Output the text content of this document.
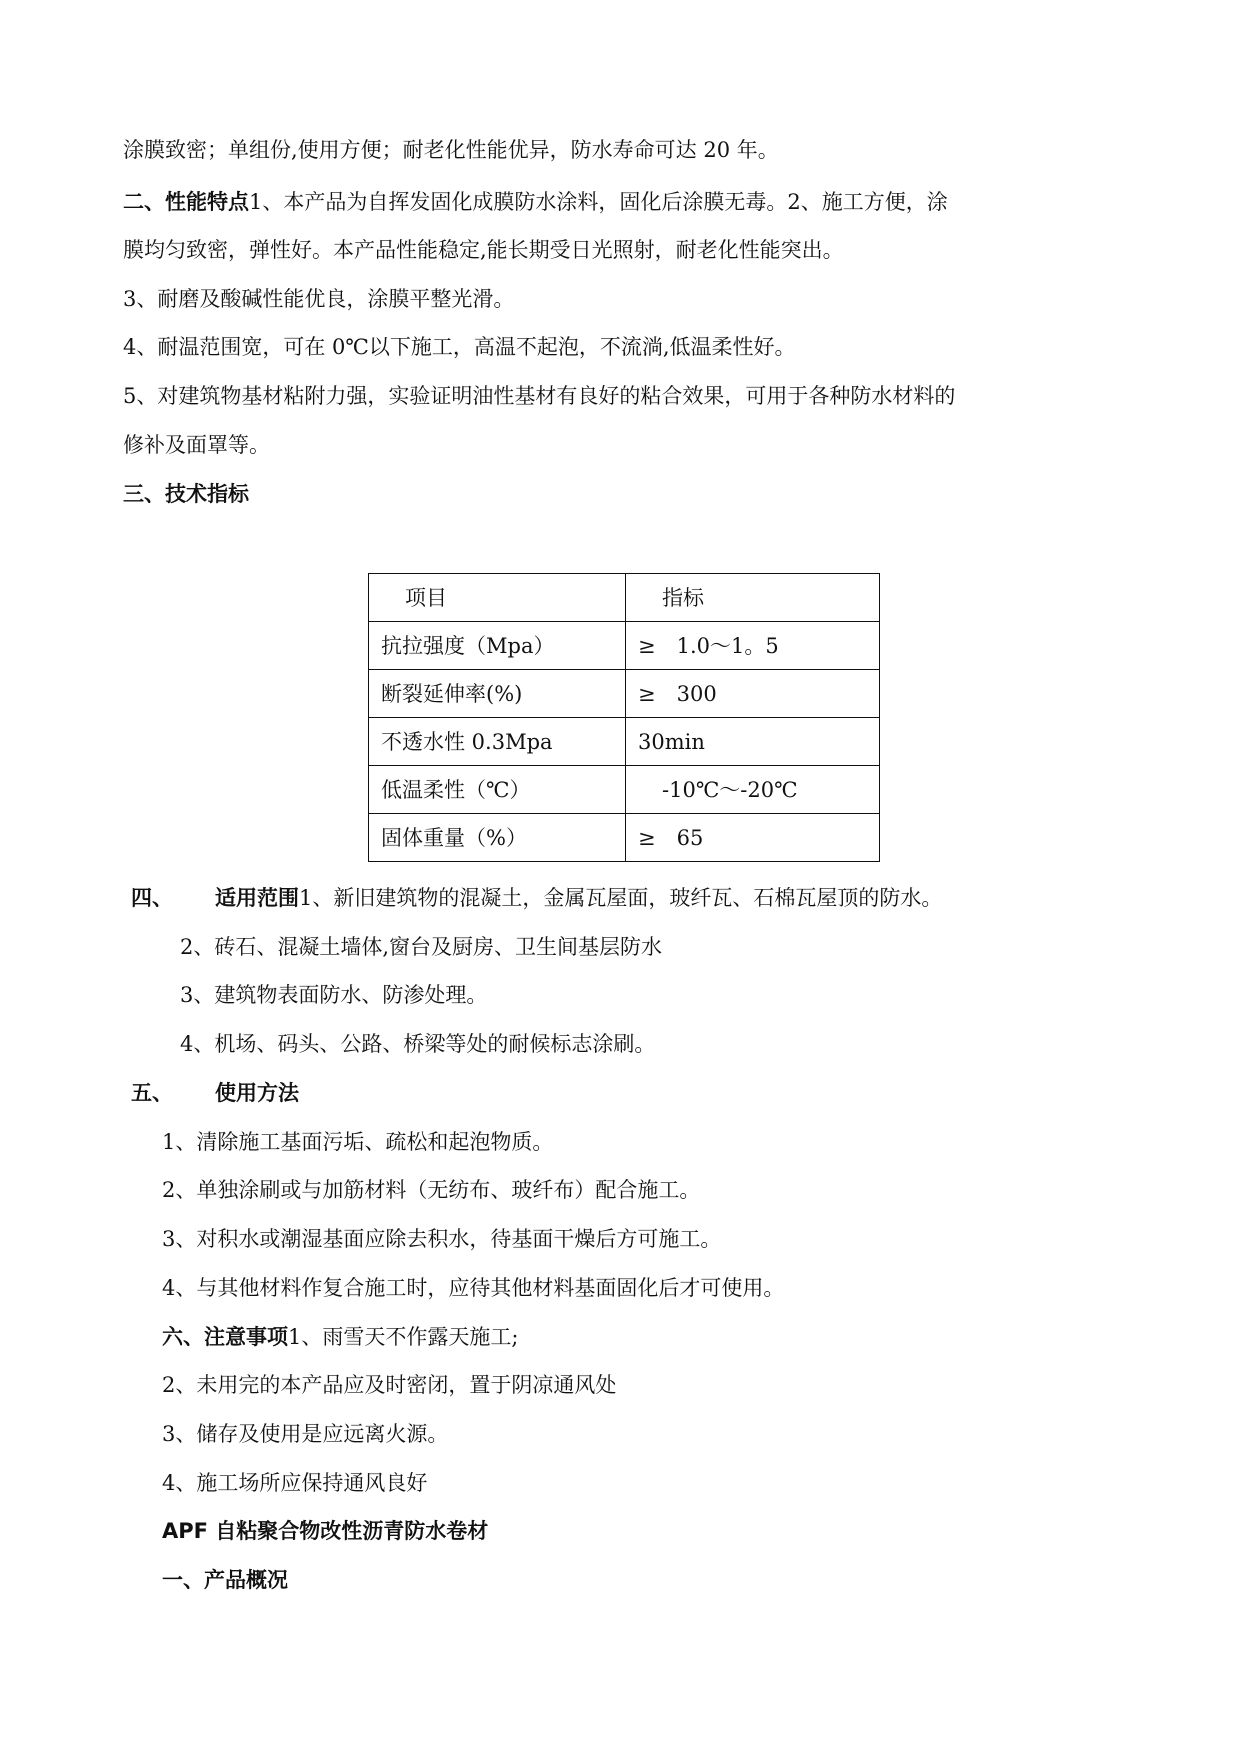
涂膜致密；单组份,使用方便；耐老化性能优异，防水寿命可达 20 年。
二、性能特点1、本产品为自挥发固化成膜防水涂料，固化后涂膜无毒。2、施工方便，涂
膜均匀致密，弹性好。本产品性能稳定,能长期受日光照射，耐老化性能突出。
3、耐磨及酸碱性能优良，涂膜平整光滑。
4、耐温范围宽，可在 0℃以下施工，高温不起泡，不流淌,低温柔性好。
5、对建筑物基材粘附力强，实验证明油性基材有良好的粘合效果，可用于各种防水材料的
修补及面罩等。
三、技术指标
项目	指标
抗拉强度（Mpa）	≥　1.0～1。5
断裂延伸率(%)	≥　300
不透水性 0.3Mpa	30min
低温柔性（℃）	-10℃～-20℃
固体重量（%）	≥　65
四、 适用范围1、新旧建筑物的混凝土，金属瓦屋面，玻纤瓦、石棉瓦屋顶的防水。
2、砖石、混凝土墙体,窗台及厨房、卫生间基层防水
3、建筑物表面防水、防渗处理。
4、机场、码头、公路、桥梁等处的耐候标志涂刷。
五、 使用方法
1、清除施工基面污垢、疏松和起泡物质。
2、单独涂刷或与加筋材料（无纺布、玻纤布）配合施工。
3、对积水或潮湿基面应除去积水，待基面干燥后方可施工。
4、与其他材料作复合施工时，应待其他材料基面固化后才可使用。
六、注意事项1、雨雪天不作露天施工;
2、未用完的本产品应及时密闭，置于阴凉通风处
3、储存及使用是应远离火源。
4、施工场所应保持通风良好
APF 自粘聚合物改性沥青防水卷材
一、产品概况
